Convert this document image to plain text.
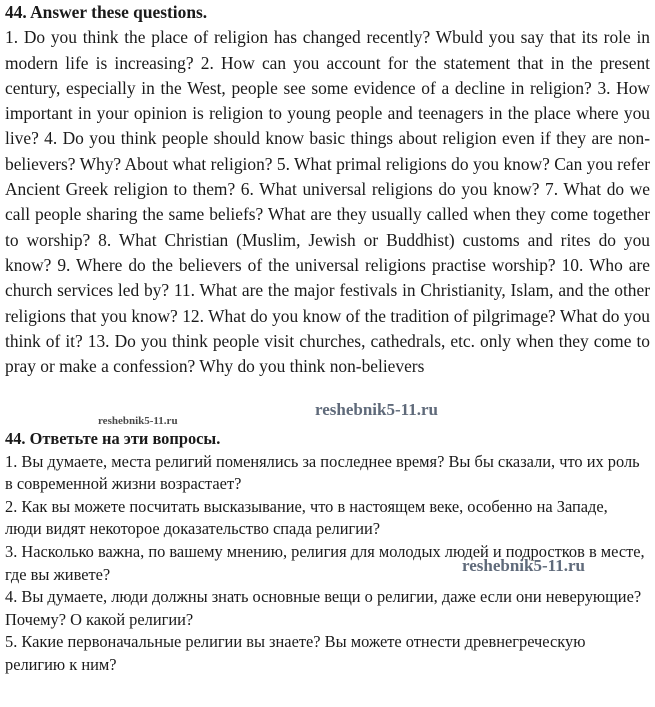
44. Answer these questions.
1. Do you think the place of religion has changed recently? Wbuld you say that its role in modern life is increasing? 2. How can you account for the statement that in the present century, especially in the West, people see some evidence of a decline in religion? 3. How important in your opinion is religion to young people and teenagers in the place where you live? 4. Do you think people should know basic things about religion even if they are non-believers? Why? About what religion? 5. What primal religions do you know? Can you refer Ancient Greek religion to them? 6. What universal religions do you know? 7. What do we call people sharing the same beliefs? What are they usually called when they come together to worship? 8. What Christian (Muslim, Jewish or Buddhist) customs and rites do you know? 9. Where do the believers of the universal religions practise worship? 10. Who are church services led by? 11. What are the major festivals in Christianity, Islam, and the other religions that you know? 12. What do you know of the tradition of pilgrimage? What do you think of it? 13. Do you think people visit churches, cathedrals, etc. only when they come to pray or make a confession? Why do you think non-believers
reshebnik5-11.ru
reshebnik5-11.ru

44. Ответьте на эти вопросы.

1. Вы думаете, места религий поменялись за последнее время? Вы бы сказали, что их роль в современной жизни возрастает?

2. Как вы можете посчитать высказывание, что в настоящем веке, особенно на Западе, люди видят некоторое доказательство спада религии?

3. Насколько важна, по вашему мнению, религия для молодых людей и подростков в месте, где вы живете?

4. Вы думаете, люди должны знать основные вещи о религии, даже если они неверующие? Почему? О какой религии?

5. Какие первоначальные религии вы знаете? Вы можете отнести древнегреческую религию к ним?

reshebnik5-11.ru
